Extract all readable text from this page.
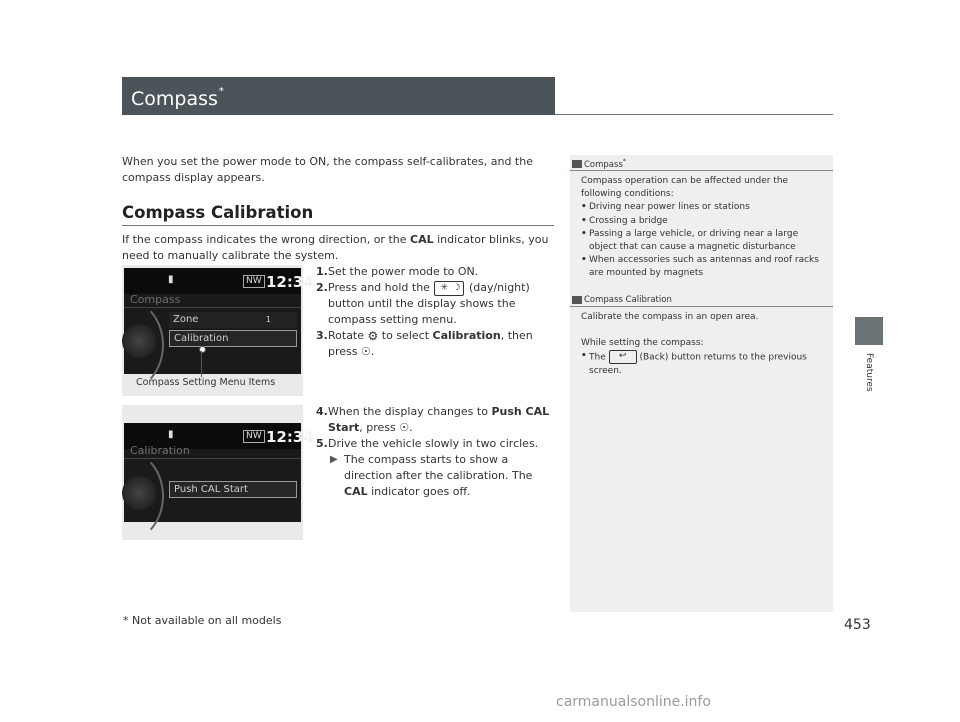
Compass*
Features
When you set the power mode to ON, the compass self-calibrates, and the compass display appears.
Compass Calibration
If the compass indicates the wrong direction, or the CAL indicator blinks, you need to manually calibrate the system.
1. Set the power mode to ON.
2. Press and hold the ✳ ☽ (day/night) button until the display shows the compass setting menu.
3. Rotate ⚙ to select Calibration, then press ☉.
4. When the display changes to Push CAL Start, press ☉.
5. Drive the vehicle slowly in two circles.
▶ The compass starts to show a direction after the calibration. The CAL indicator goes off.
▮	NW 12:34
Compass
Zone	1
Calibration
Compass Setting Menu Items
▮	NW 12:34
Calibration
Push CAL Start
Compass*
Compass operation can be affected under the following conditions:
• Driving near power lines or stations
• Crossing a bridge
• Passing a large vehicle, or driving near a large object that can cause a magnetic disturbance
• When accessories such as antennas and roof racks are mounted by magnets
Compass Calibration
Calibrate the compass in an open area.
While setting the compass:
• The ↩ (Back) button returns to the previous screen.
* Not available on all models	453
carmanualsonline.info
